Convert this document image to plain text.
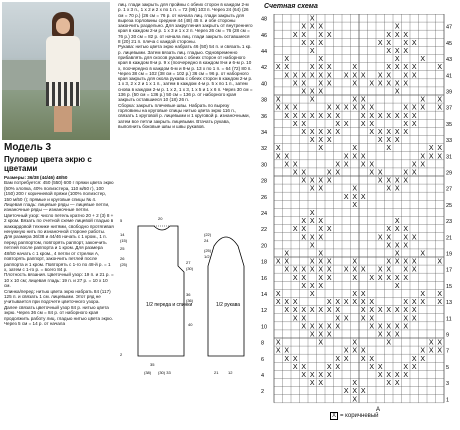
Модель 3
Пуловер цвета экрю с цветами

Размеры: 36/38 (44/46) 48/50

Вам потребуется: 450 (550) 600 г пряжи цвета экрю (50% хлопка, 40% полиэстера, 110 м/50 г), 100 (150) 200 г коричневой пряжи (100% полиэстер, 150 м/50 г); прямые и круговые спицы № 4.

Лицевая гладь: лицевые ряды — лицевые петли, изнаночные ряды — изнаночные петли.

Цветочный узор: число петель кратно 20 + 2 (3) 8 + 2 кром. Вязать по счетной схеме лицевой гладью в жаккардовой технике нитями, свободно протягивая ненужную нить по изнаночной стороне работы. Для размера 36/38 и 44/46 начать с 1 кром., 1 п. перед раппортом, повторять раппорт, закончить петлей после раппорта и 1 кром. Для размера 48/50 начать с 1 кром., 4 петли от стрелки А, повторять раппорт, закончить петлей после раппорта и 1 кром. Повторять с 1-го по 48-й р. = 1 х, затем с 1-го р. = всего 84 р.

Плотность вязания. Цветочный узор: 19 п. и 21 р. = 10 х 10 см; лицевая гладь: 19 п. и 27 р. = 10 х 10 см.

Спинка/перед: нитью цвета экрю набрать 84 (117) 125 п. и связать 1 см. лицевыми. Этот ряд не учитывается при подсчете цветочного узора. Далее связать цветочный узор 84 р. нитью цвета экрю. Через 36 см = 84 р. от наборного края продолжить работу лиц. гладью нитью цвета экрю. Через 5 см = 14 р. от начала

лиц. глади закрыть для проймы с обеих сторон в каждом 2-м р. 1 х 3 п., 1 х 2 и 2 х по 1 п. = 72 (95) 103 п. Через 24 (64) (26 см = 70 р.) (26 см = 76 р. от начала лиц. глади закрыть для выреза горловины средние 44 (48) 45 п. и обе стороны закончить раздельно. Для закругления закрыть от внутреннего края в каждом 2-м р. 1 х 3 и 1 х 2 п. Через 26 см = 76 (28 см = 76 р.) 30 см = 82 р. от начала лиц. глади закрыть оставшиеся 8 (20) 21 п. плеча с каждой стороны.

Рукава: нитью цвета экрю набрать 46 (50) 54 п. и связать 1 кр. р. лицевыми. Затем вязать лиц. гладью. Одновременно прибавлять для скосов рукава с обеих сторон от наборного края в каждом 8-м р. 9 х (поочередно в каждом 8-м и 6-м р. 10 х, поочередно в каждом 6-м и 8-м р. 13 х по 1 п. = 64 (72) 80 п. Через 38 см = 102 (38 см = 102 р.) 36 см = 96 р. от наборного края закрыть для окола рукава с обеих сторон в каждом 2-м р. 1 х 3, 2 х 2 и 1 х 1 п., затем в каждом 4-м р. 5 х по 1 п., затем снова в каждом 2-м р. 1 х 2, 1 х 3, 1 х 5 и 1 х 6 п. Через 30 см = 136 р. (50 см = 136 р.) 50 см = 136 р. от наборного края закрыть оставшиеся 10 (18) 26 п.

Сборка: закрыть плечевые швы. Набрать по вырезу горловины на круговые спицы нитью цвета экрю 116 п., связать 1 круговой р. лицевыми и 1 круговой р. изнаночными, затем все петли закрыть лицевыми. Втачать рукава, выполнить боковые швы и швы рукавов.

1/2 переда и спинки	1/2 рукава
5	20
14
(15)
25
26
(25)	27
(30)
36
(36)
40
2
(22)
24
(25)
1/2
35
(38) (30) 33	21 12
Счетная схема
48
46
44
42
40
38
36
34
32
30
28
26
24
22
20
18
16
14
12
10
8
6
4
2
47
45
43
41
39
37
35
33
31
29
27
25
23
21
19
17
15
13
11
9
7
5
3
1
X
X X X	X
X X X X	X X X
X X X	X X X X
X	X X X
X	X	X	X
X X	X X X	X	X X X X	X
X X X X X X X X X X X X X
X X X X	X X X X X X
X X X	X
X	X	X X	X X
X X X	X X X X X X	X X X X
X X X X X X X	X X X X X X X
X X	X X X X	X X
X X X X X	X X X X X
X X X	X X X
X	X	X	X	X X
X X	X X X	X X X
X X	X X X X	X X
X X	X X	X X	X X
X X X X	X X X X
X X	X	X X
X X X
X
X
X X X	X
X X X X	X X X
X X X	X X X X
X	X X X
X	X	X	X
X X	X X X	X	X X X X	X
X X X X X X X X X X X X X
X X X X	X X X X X X
X X X	X
X	X	X X	X X
X X X	X X X X X X	X X X X
X X X X X X X	X X X X X X X
X X	X X X X	X X
X X X X X	X X X X X
X X X	X X X
X	X	X	X	X X
X X	X X X	X X X
X X	X X X X	X X
X X	X X	X X	X X
X X X X	X X X X
X X	X	X X
X X X
X
А
X = коричневый
